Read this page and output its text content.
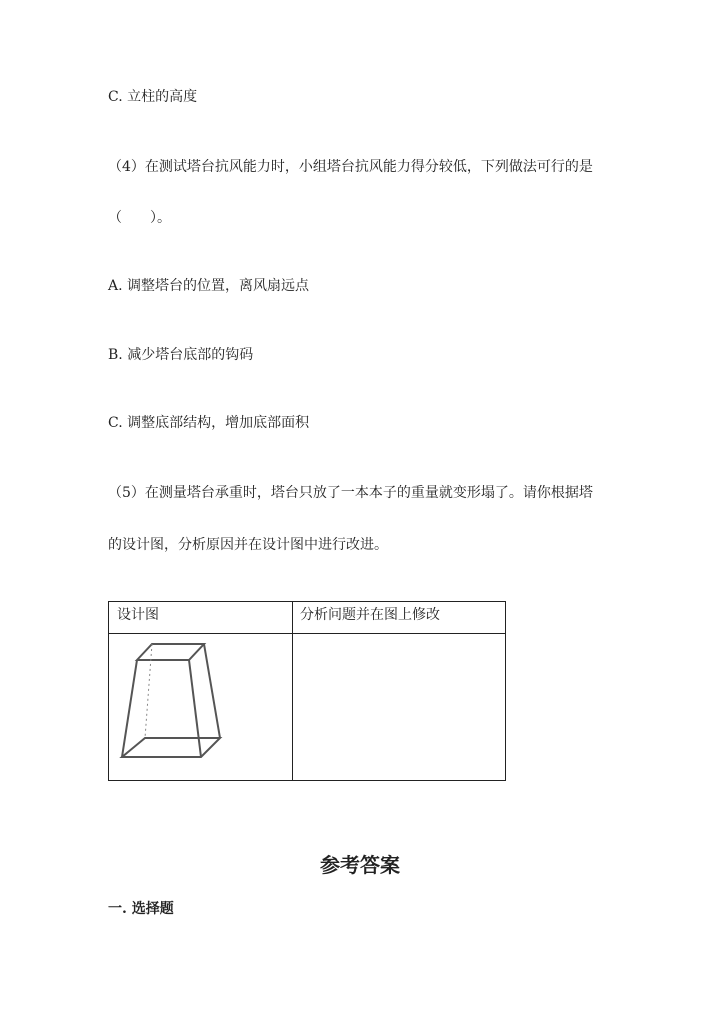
C. 立柱的高度
（4）在测试塔台抗风能力时，小组塔台抗风能力得分较低，下列做法可行的是
（　　）。
A. 调整塔台的位置，离风扇远点
B. 减少塔台底部的钩码
C. 调整底部结构，增加底部面积
（5）在测量塔台承重时，塔台只放了一本本子的重量就变形塌了。请你根据塔
的设计图，分析原因并在设计图中进行改进。
设计图	分析问题并在图上修改
参考答案
一. 选择题
